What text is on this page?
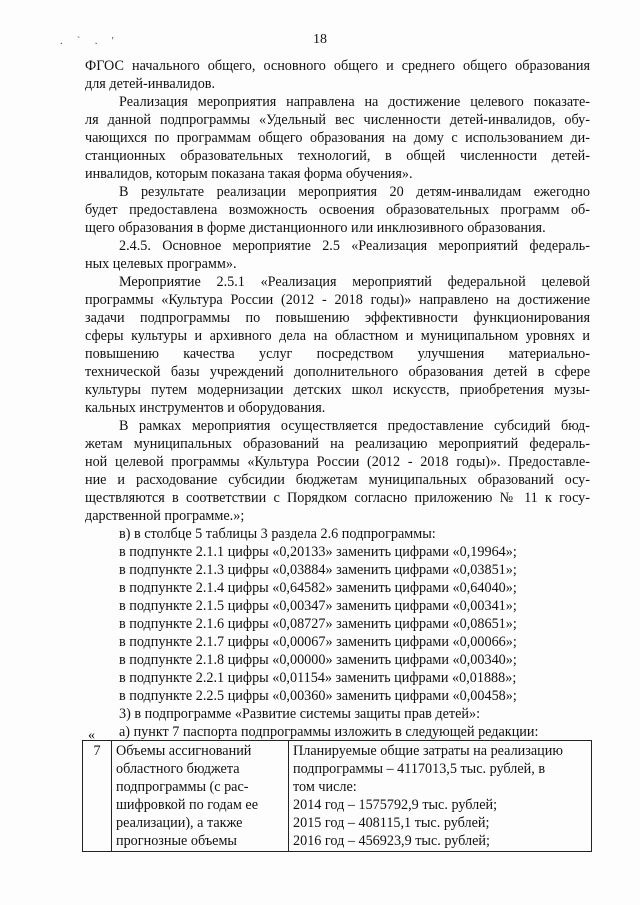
. ` . '	18

ФГОС начального общего, основного общего и среднего общего образования

для детей-инвалидов.

Реализация мероприятия направлена на достижение целевого показате-

ля данной подпрограммы «Удельный вес численности детей-инвалидов, обу-

чающихся по программам общего образования на дому с использованием ди-

станционных образовательных технологий, в общей численности детей-

инвалидов, которым показана такая форма обучения».

В результате реализации мероприятия 20 детям-инвалидам ежегодно

будет предоставлена возможность освоения образовательных программ об-

щего образования в форме дистанционного или инклюзивного образования.

2.4.5. Основное мероприятие 2.5 «Реализация мероприятий федераль-

ных целевых программ».

Мероприятие 2.5.1 «Реализация мероприятий федеральной целевой

программы «Культура России (2012 - 2018 годы)» направлено на достижение

задачи подпрограммы по повышению эффективности функционирования

сферы культуры и архивного дела на областном и муниципальном уровнях и

повышению качества услуг посредством улучшения материально-

технической базы учреждений дополнительного образования детей в сфере

культуры путем модернизации детских школ искусств, приобретения музы-

кальных инструментов и оборудования.

В рамках мероприятия осуществляется предоставление субсидий бюд-

жетам муниципальных образований на реализацию мероприятий федераль-

ной целевой программы «Культура России (2012 - 2018 годы)». Предоставле-

ние и расходование субсидии бюджетам муниципальных образований осу-

ществляются в соответствии с Порядком согласно приложению № 11 к госу-

дарственной программе.»;

в) в столбце 5 таблицы 3 раздела 2.6 подпрограммы:

в подпункте 2.1.1 цифры «0,20133» заменить цифрами «0,19964»;

в подпункте 2.1.3 цифры «0,03884» заменить цифрами «0,03851»;

в подпункте 2.1.4 цифры «0,64582» заменить цифрами «0,64040»;

в подпункте 2.1.5 цифры «0,00347» заменить цифрами «0,00341»;

в подпункте 2.1.6 цифры «0,08727» заменить цифрами «0,08651»;

в подпункте 2.1.7 цифры «0,00067» заменить цифрами «0,00066»;

в подпункте 2.1.8 цифры «0,00000» заменить цифрами «0,00340»;

в подпункте 2.2.1 цифры «0,01154» заменить цифрами «0,01888»;

в подпункте 2.2.5 цифры «0,00360» заменить цифрами «0,00458»;

3) в подпрограмме «Развитие системы защиты прав детей»:

а) пункт 7 паспорта подпрограммы изложить в следующей редакции:

«
7	Объемы ассигнований
областного бюджета
подпрограммы (с рас-
шифровкой по годам ее
реализации), а также
прогнозные объемы

Планируемые общие затраты на реализацию
подпрограммы – 4117013,5 тыс. рублей, в
том числе:
2014 год – 1575792,9 тыс. рублей;
2015 год – 408115,1 тыс. рублей;
2016 год – 456923,9 тыс. рублей;
